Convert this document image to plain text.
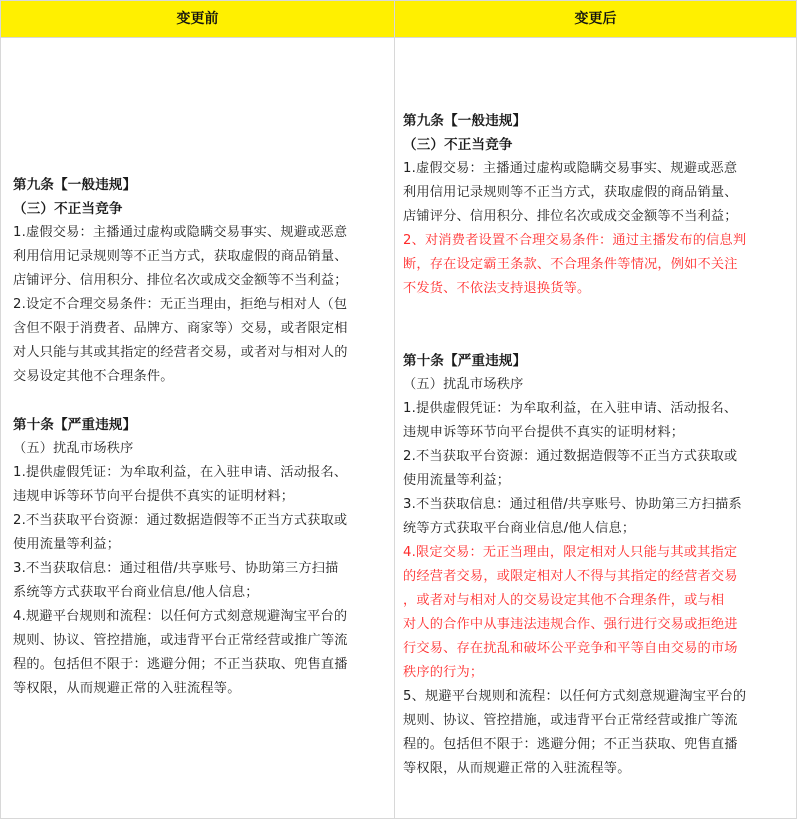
变更前	变更后

第九条【一般违规】

（三）不正当竞争

1.虚假交易：主播通过虚构或隐瞒交易事实、规避或恶意
利用信用记录规则等不正当方式，获取虚假的商品销量、
店铺评分、信用积分、排位名次或成交金额等不当利益；

2.设定不合理交易条件：无正当理由，拒绝与相对人（包
含但不限于消费者、品牌方、商家等）交易，或者限定相
对人只能与其或其指定的经营者交易，或者对与相对人的
交易设定其他不合理条件。

第十条【严重违规】

（五）扰乱市场秩序

1.提供虚假凭证：为牟取利益，在入驻申请、活动报名、
违规申诉等环节向平台提供不真实的证明材料；

2.不当获取平台资源：通过数据造假等不正当方式获取或
使用流量等利益；

3.不当获取信息：通过租借/共享账号、协助第三方扫描
系统等方式获取平台商业信息/他人信息；

4.规避平台规则和流程：以任何方式刻意规避淘宝平台的
规则、协议、管控措施，或违背平台正常经营或推广等流
程的。包括但不限于：逃避分佣；不正当获取、兜售直播
等权限，从而规避正常的入驻流程等。

第九条【一般违规】

（三）不正当竞争

1.虚假交易：主播通过虚构或隐瞒交易事实、规避或恶意
利用信用记录规则等不正当方式，获取虚假的商品销量、
店铺评分、信用积分、排位名次或成交金额等不当利益；

2、对消费者设置不合理交易条件：通过主播发布的信息判
断，存在设定霸王条款、不合理条件等情况，例如不关注
不发货、不依法支持退换货等。

第十条【严重违规】

（五）扰乱市场秩序

1.提供虚假凭证：为牟取利益，在入驻申请、活动报名、
违规申诉等环节向平台提供不真实的证明材料；

2.不当获取平台资源：通过数据造假等不正当方式获取或
使用流量等利益；

3.不当获取信息：通过租借/共享账号、协助第三方扫描系
统等方式获取平台商业信息/他人信息；

4.限定交易：无正当理由，限定相对人只能与其或其指定
的经营者交易，或限定相对人不得与其指定的经营者交易
，或者对与相对人的交易设定其他不合理条件，或与相
对人的合作中从事违法违规合作、强行进行交易或拒绝进
行交易、存在扰乱和破坏公平竞争和平等自由交易的市场
秩序的行为；

5、规避平台规则和流程：以任何方式刻意规避淘宝平台的
规则、协议、管控措施，或违背平台正常经营或推广等流
程的。包括但不限于：逃避分佣；不正当获取、兜售直播
等权限，从而规避正常的入驻流程等。
